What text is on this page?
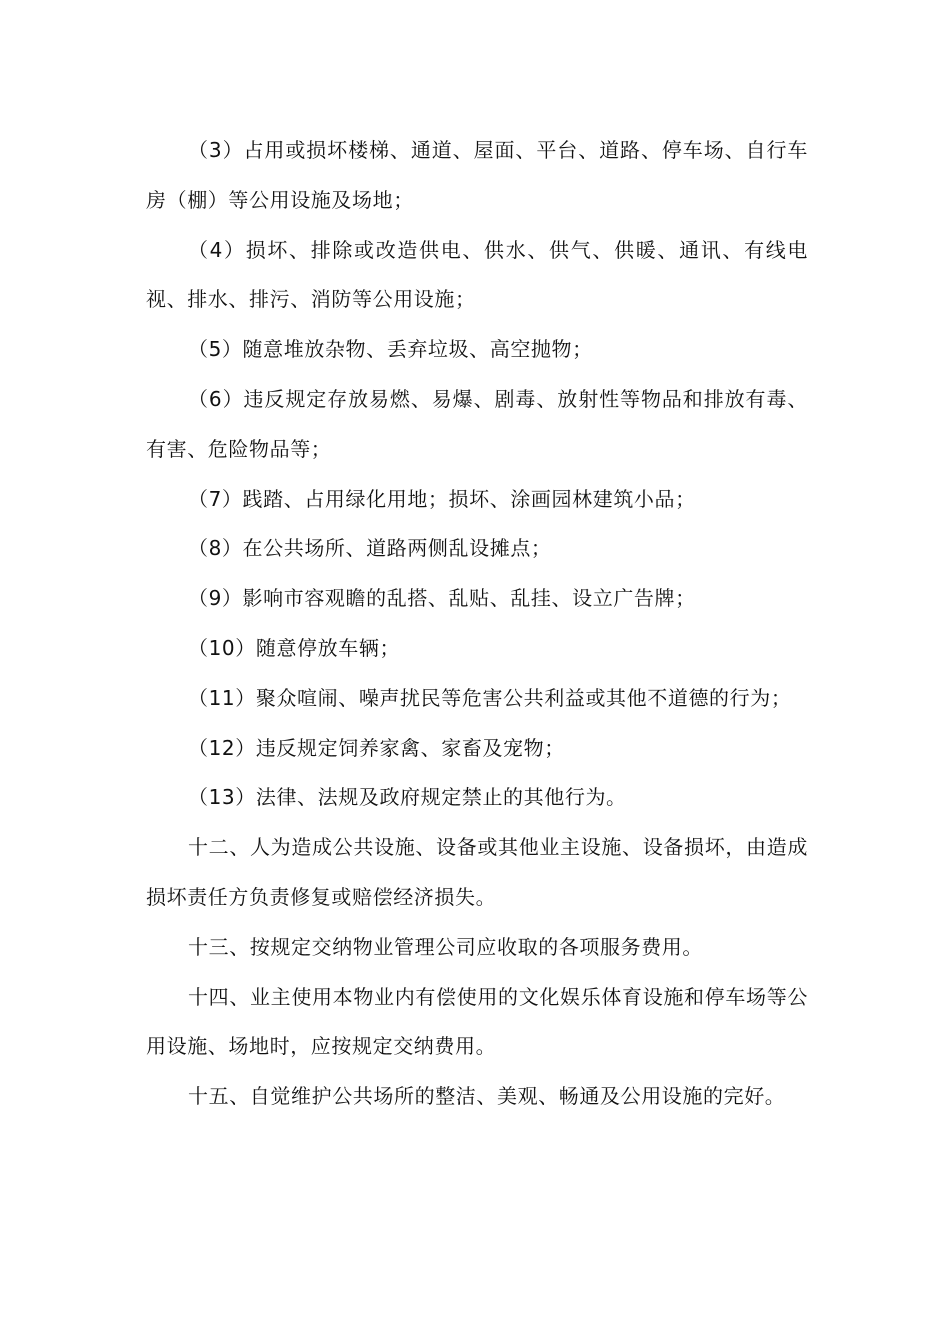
（3）占用或损坏楼梯、通道、屋面、平台、道路、停车场、自行车房（棚）等公用设施及场地；

（4）损坏、排除或改造供电、供水、供气、供暖、通讯、有线电视、排水、排污、消防等公用设施；

（5）随意堆放杂物、丢弃垃圾、高空抛物；

（6）违反规定存放易燃、易爆、剧毒、放射性等物品和排放有毒、有害、危险物品等；

（7）践踏、占用绿化用地；损坏、涂画园林建筑小品；

（8）在公共场所、道路两侧乱设摊点；

（9）影响市容观瞻的乱搭、乱贴、乱挂、设立广告牌；

（10）随意停放车辆；

（11）聚众喧闹、噪声扰民等危害公共利益或其他不道德的行为；

（12）违反规定饲养家禽、家畜及宠物；

（13）法律、法规及政府规定禁止的其他行为。

十二、人为造成公共设施、设备或其他业主设施、设备损坏，由造成损坏责任方负责修复或赔偿经济损失。

十三、按规定交纳物业管理公司应收取的各项服务费用。

十四、业主使用本物业内有偿使用的文化娱乐体育设施和停车场等公用设施、场地时，应按规定交纳费用。

十五、自觉维护公共场所的整洁、美观、畅通及公用设施的完好。
